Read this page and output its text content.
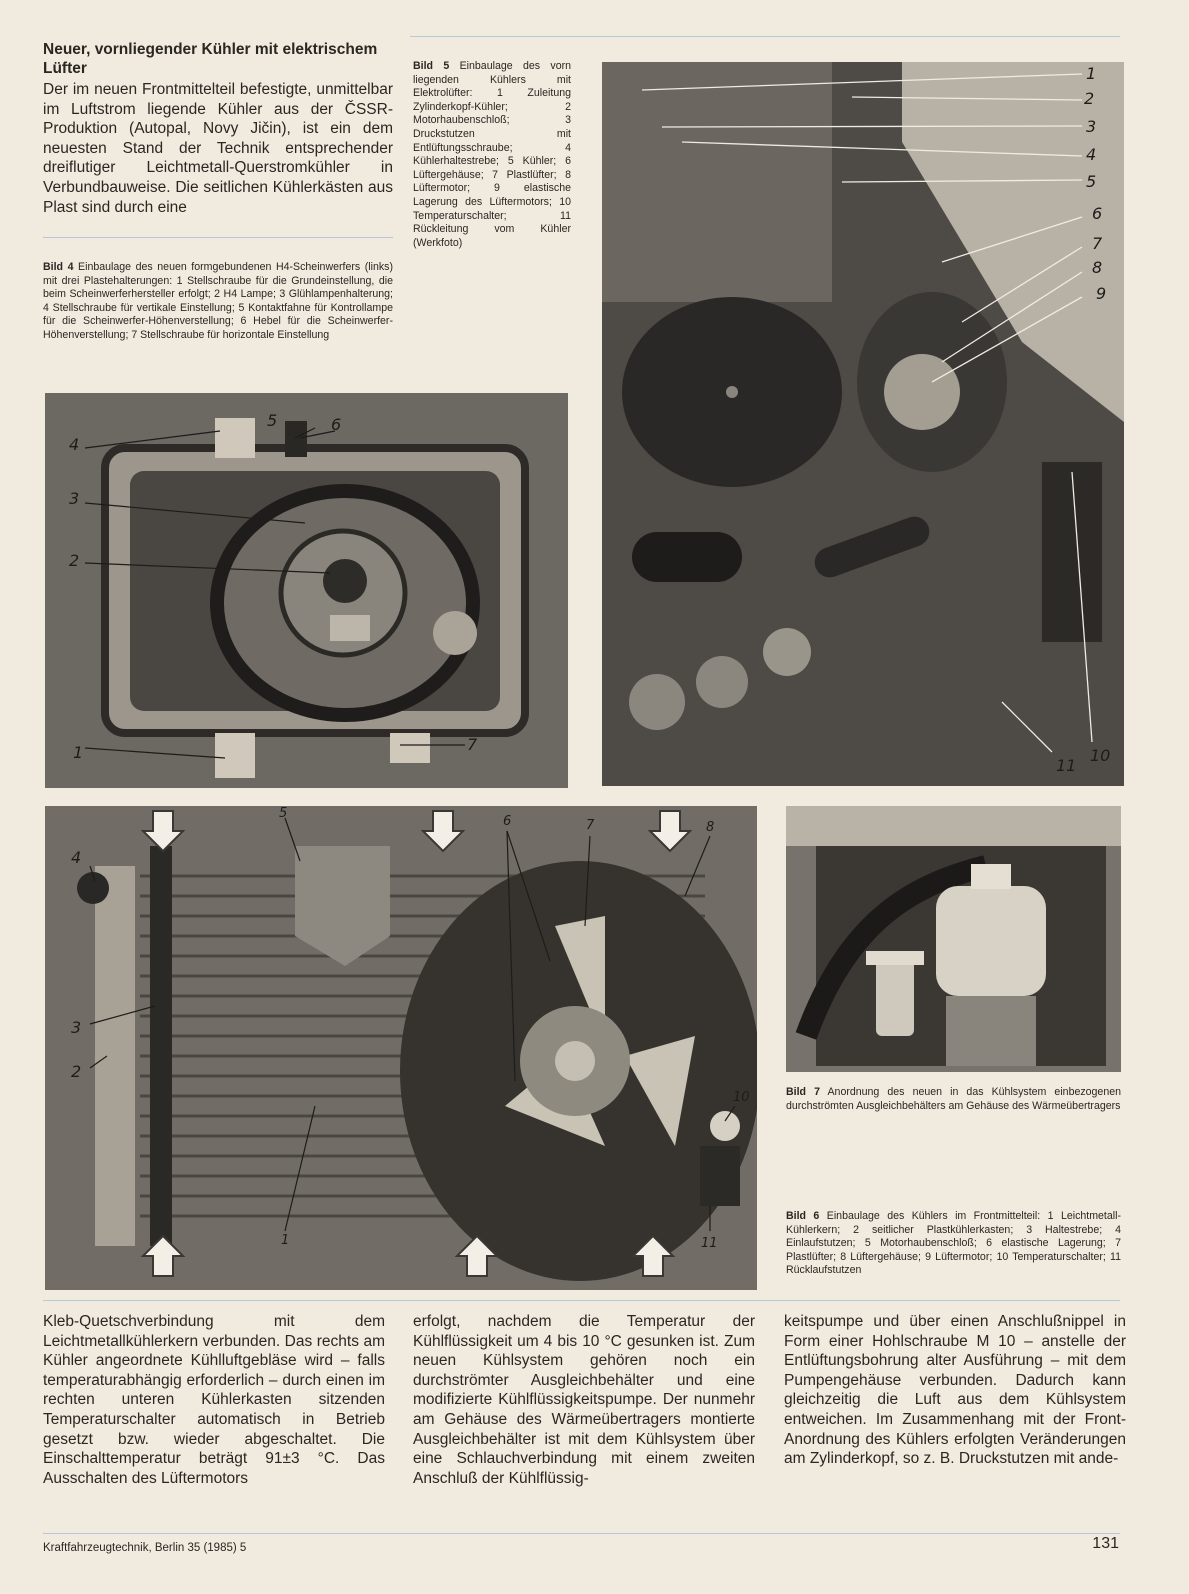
Neuer, vornliegender Kühler mit elektrischem Lüfter
Der im neuen Frontmittelteil befestigte, unmittelbar im Luftstrom liegende Kühler aus der ČSSR-Produktion (Autopal, Novy Jičin), ist ein dem neuesten Stand der Technik entsprechender dreiflutiger Leichtmetall-Querstromkühler in Verbundbauweise. Die seitlichen Kühlerkästen aus Plast sind durch eine
Bild 5 Einbaulage des vorn liegenden Kühlers mit Elektrolüfter: 1 Zuleitung Zylinderkopf-Kühler; 2 Motorhaubenschloß; 3 Druckstutzen mit Entlüftungsschraube; 4 Kühlerhaltestrebe; 5 Kühler; 6 Lüftergehäuse; 7 Plastlüfter; 8 Lüftermotor; 9 elastische Lagerung des Lüftermotors; 10 Temperaturschalter; 11 Rückleitung vom Kühler (Werkfoto)
Bild 4 Einbaulage des neuen formgebundenen H4-Scheinwerfers (links) mit drei Plastehalterungen: 1 Stellschraube für die Grundeinstellung, die beim Scheinwerferhersteller erfolgt; 2 H4 Lampe; 3 Glühlampenhalterung; 4 Stellschraube für vertikale Einstellung; 5 Kontaktfahne für Kontrollampe für die Scheinwerfer-Höhenverstellung; 6 Hebel für die Scheinwerfer-Höhenverstellung; 7 Stellschraube für horizontale Einstellung
4
5	6
3
2
1	7
1
2
3
4
5
6
7
8
9
11
10
4
5
6	7	8
3
2
1
10
11
Bild 7 Anordnung des neuen in das Kühlsystem einbezogenen durchströmten Ausgleichbehälters am Gehäuse des Wärmeübertragers
Bild 6 Einbaulage des Kühlers im Frontmittelteil: 1 Leichtmetall-Kühlerkern; 2 seitlicher Plastkühlerkasten; 3 Haltestrebe; 4 Einlaufstutzen; 5 Motorhaubenschloß; 6 elastische Lagerung; 7 Plastlüfter; 8 Lüftergehäuse; 9 Lüftermotor; 10 Temperaturschalter; 11 Rücklaufstutzen
Kleb-Quetschverbindung mit dem Leichtmetallkühlerkern verbunden. Das rechts am Kühler angeordnete Kühlluftgebläse wird – falls temperaturabhängig erforderlich – durch einen im rechten unteren Kühlerkasten sitzenden Temperaturschalter automatisch in Betrieb gesetzt bzw. wieder abgeschaltet. Die Einschalttemperatur beträgt 91±3 °C. Das Ausschalten des Lüftermotors
erfolgt, nachdem die Temperatur der Kühlflüssigkeit um 4 bis 10 °C gesunken ist. Zum neuen Kühlsystem gehören noch ein durchströmter Ausgleichbehälter und eine modifizierte Kühlflüssigkeitspumpe. Der nunmehr am Gehäuse des Wärmeübertragers montierte Ausgleichbehälter ist mit dem Kühlsystem über eine Schlauchverbindung mit einem zweiten Anschluß der Kühlflüssig-
keitspumpe und über einen Anschlußnippel in Form einer Hohlschraube M 10 – anstelle der Entlüftungsbohrung alter Ausführung – mit dem Pumpengehäuse verbunden. Dadurch kann gleichzeitig die Luft aus dem Kühlsystem entweichen. Im Zusammenhang mit der Front-Anordnung des Kühlers erfolgten Veränderungen am Zylinderkopf, so z. B. Druckstutzen mit ande-
Kraftfahrzeugtechnik, Berlin 35 (1985) 5	131
